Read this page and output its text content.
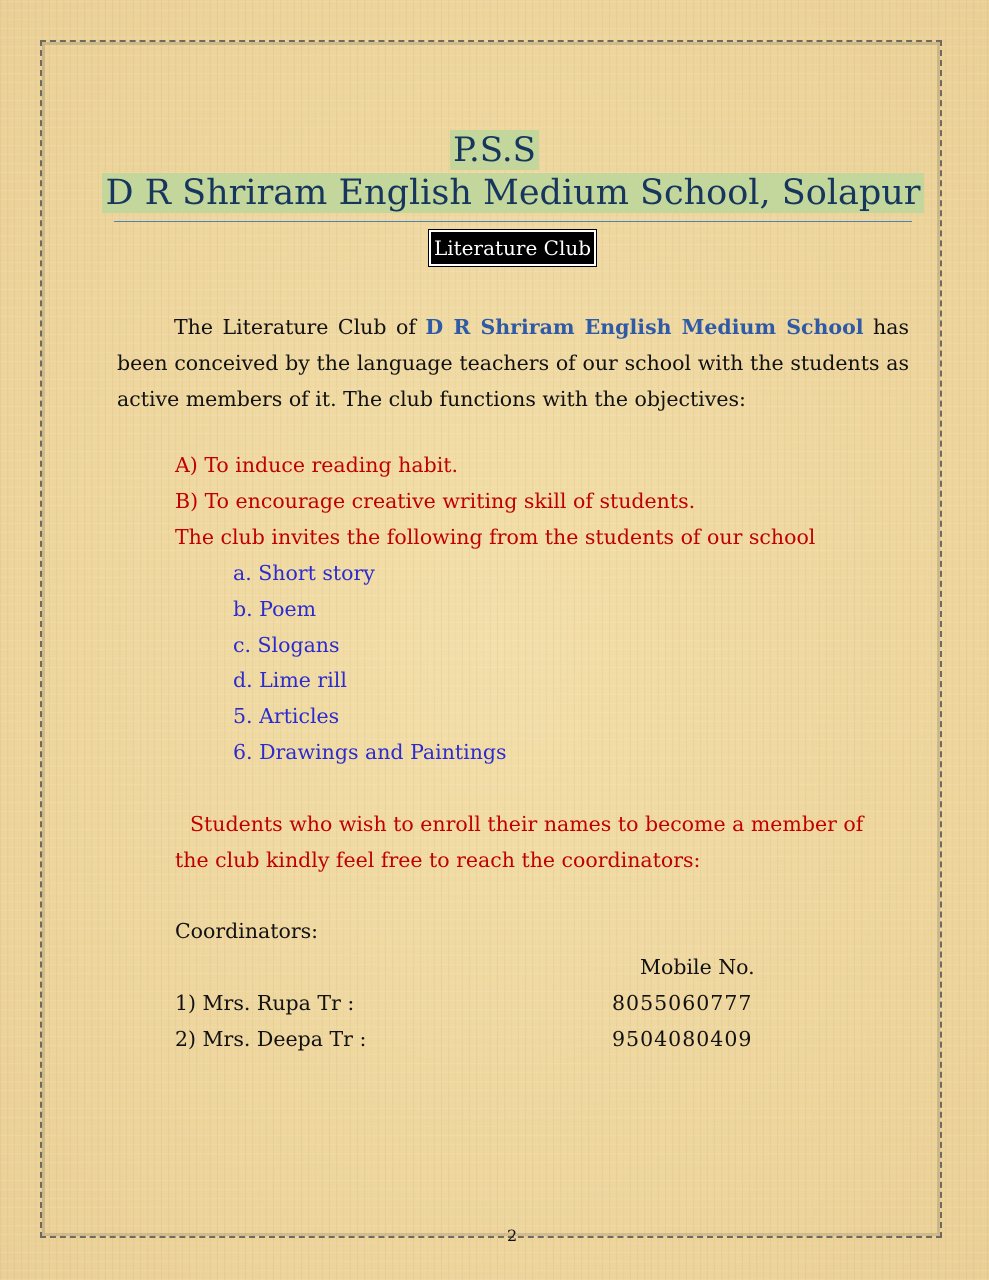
P.S.S
D R Shriram English Medium School, Solapur
Literature Club
The Literature Club of D R Shriram English Medium School has been conceived by the language teachers of our school with the students as active members of it. The club functions with the objectives:
A) To induce reading habit.
B) To encourage creative writing skill of students.
The club invites the following from the students of our school
a. Short story
b. Poem
c. Slogans
d. Lime rill
5. Articles
6. Drawings and Paintings
Students who wish to enroll their names to become a member of
the club kindly feel free to reach the coordinators:
Coordinators:
Mobile No.
1) Mrs. Rupa Tr :	8055060777
2) Mrs. Deepa Tr :	9504080409
2
